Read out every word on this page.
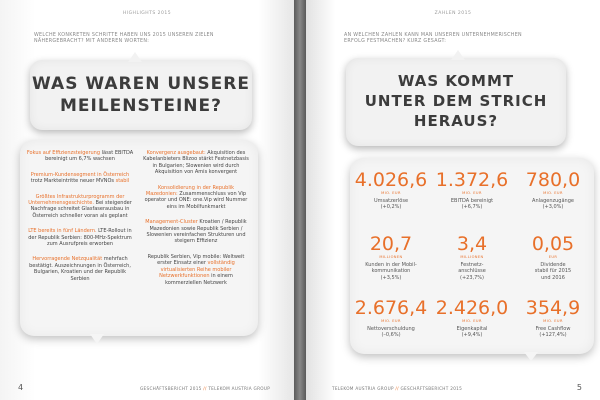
HIGHLIGHTS 2015
WELCHE KONKRETEN SCHRITTE HABEN UNS 2015 UNSEREN ZIELEN NÄHERGEBRACHT? MIT ANDEREN WORTEN:
WAS WAREN UNSERE
MEILENSTEINE?
Fokus auf Effizienzsteigerung lässt EBITDA bereinigt um 6,7% wachsen
Premium-Kundensegment in Österreich trotz Markteintritte neuer MVNOs stabil
Größtes Infrastrukturprogramm der Unternehmensgeschichte. Bei steigender Nachfrage schreitet Glasfaserausbau in Österreich schneller voran als geplant
LTE bereits in fünf Ländern. LTE-Rollout in der Republik Serbien: 800-MHz-Spektrum zum Ausrufpreis erworben
Hervorragende Netzqualität mehrfach bestätigt. Auszeichnungen in Österreich, Bulgarien, Kroatien und der Republik Serbien
Konvergenz ausgebaut: Akquisition des Kabelanbieters Blizoo stärkt Festnetzbasis in Bulgarien; Slowenien wird durch Akquisition von Amis konvergent
Konsolidierung in der Republik Mazedonien: Zusammenschluss von Vip operator und ONE: one.Vip wird Nummer eins im Mobilfunkmarkt
Management-Cluster Kroatien / Republik Mazedonien sowie Republik Serbien / Slowenien vereinfachen Strukturen und steigern Effizienz
Republik Serbien, Vip mobile: Weltweit erster Einsatz einer vollständig virtualisierten Reihe mobiler Netzwerkfunktionen in einem kommerziellen Netzwerk
4	GESCHÄFTSBERICHT 2015 // TELEKOM AUSTRIA GROUP
ZAHLEN 2015
AN WELCHEN ZAHLEN KANN MAN UNSEREN UNTERNEHMERISCHEN ERFOLG FESTMACHEN? KURZ GESAGT:
WAS KOMMT
UNTER DEM STRICH
HERAUS?
4.026,6
MIO. EUR
Umsatzerlöse
(+0,2%)
1.372,6
MIO. EUR
EBITDA bereinigt
(+6,7%)
780,0
MIO. EUR
Anlagenzugänge
(+3,0%)
20,7
MILLIONEN
Kunden in der Mobil-
kommunikation
(+3,5%)
3,4
MILLIONEN
Festnetz-
anschlüsse
(+23,7%)
0,05
EUR
Dividende
stabil für 2015
und 2016
2.676,4
MIO. EUR
Nettoverschuldung
(–0,6%)
2.426,0
MIO. EUR
Eigenkapital
(+9,4%)
354,9
MIO. EUR
Free Cashflow
(+127,4%)
TELEKOM AUSTRIA GROUP // GESCHÄFTSBERICHT 2015	5
